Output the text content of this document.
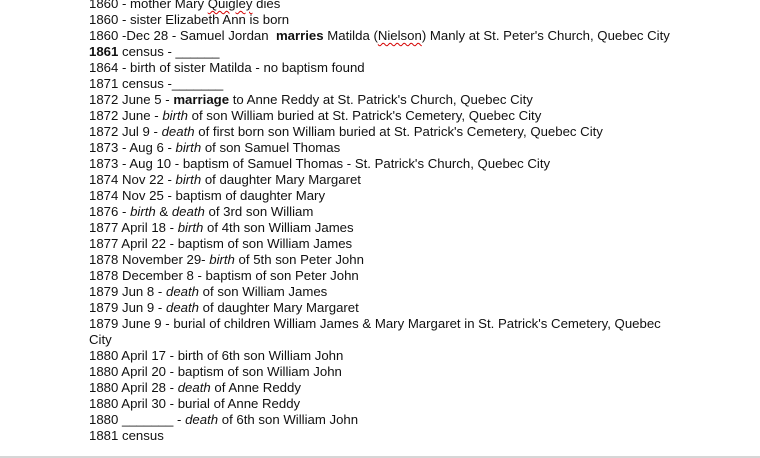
1860 - mother Mary Quigley dies

1860 - sister Elizabeth Ann is born

1860 -Dec 28 - Samuel Jordan  marries Matilda (Nielson) Manly at St. Peter's Church, Quebec City

1861 census - ______

1864 - birth of sister Matilda - no baptism found

1871 census -_______

1872 June 5 - marriage to Anne Reddy at St. Patrick's Church, Quebec City

1872 June - birth of son William buried at St. Patrick's Cemetery, Quebec City

1872 Jul 9 - death of first born son William buried at St. Patrick's Cemetery, Quebec City

1873 - Aug 6 - birth of son Samuel Thomas

1873 - Aug 10 - baptism of Samuel Thomas - St. Patrick's Church, Quebec City

1874 Nov 22 - birth of daughter Mary Margaret

1874 Nov 25 - baptism of daughter Mary

1876 - birth & death of 3rd son William

1877 April 18 - birth of 4th son William James

1877 April 22 - baptism of son William James

1878 November 29- birth of 5th son Peter John

1878 December 8 - baptism of son Peter John

1879 Jun 8 - death of son William James

1879 Jun 9 - death of daughter Mary Margaret

1879 June 9 - burial of children William James & Mary Margaret in St. Patrick's Cemetery, Quebec City

1880 April 17 - birth of 6th son William John

1880 April 20 - baptism of son William John

1880 April 28 - death of Anne Reddy

1880 April 30 - burial of Anne Reddy

1880 _______ - death of 6th son William John

1881 census
